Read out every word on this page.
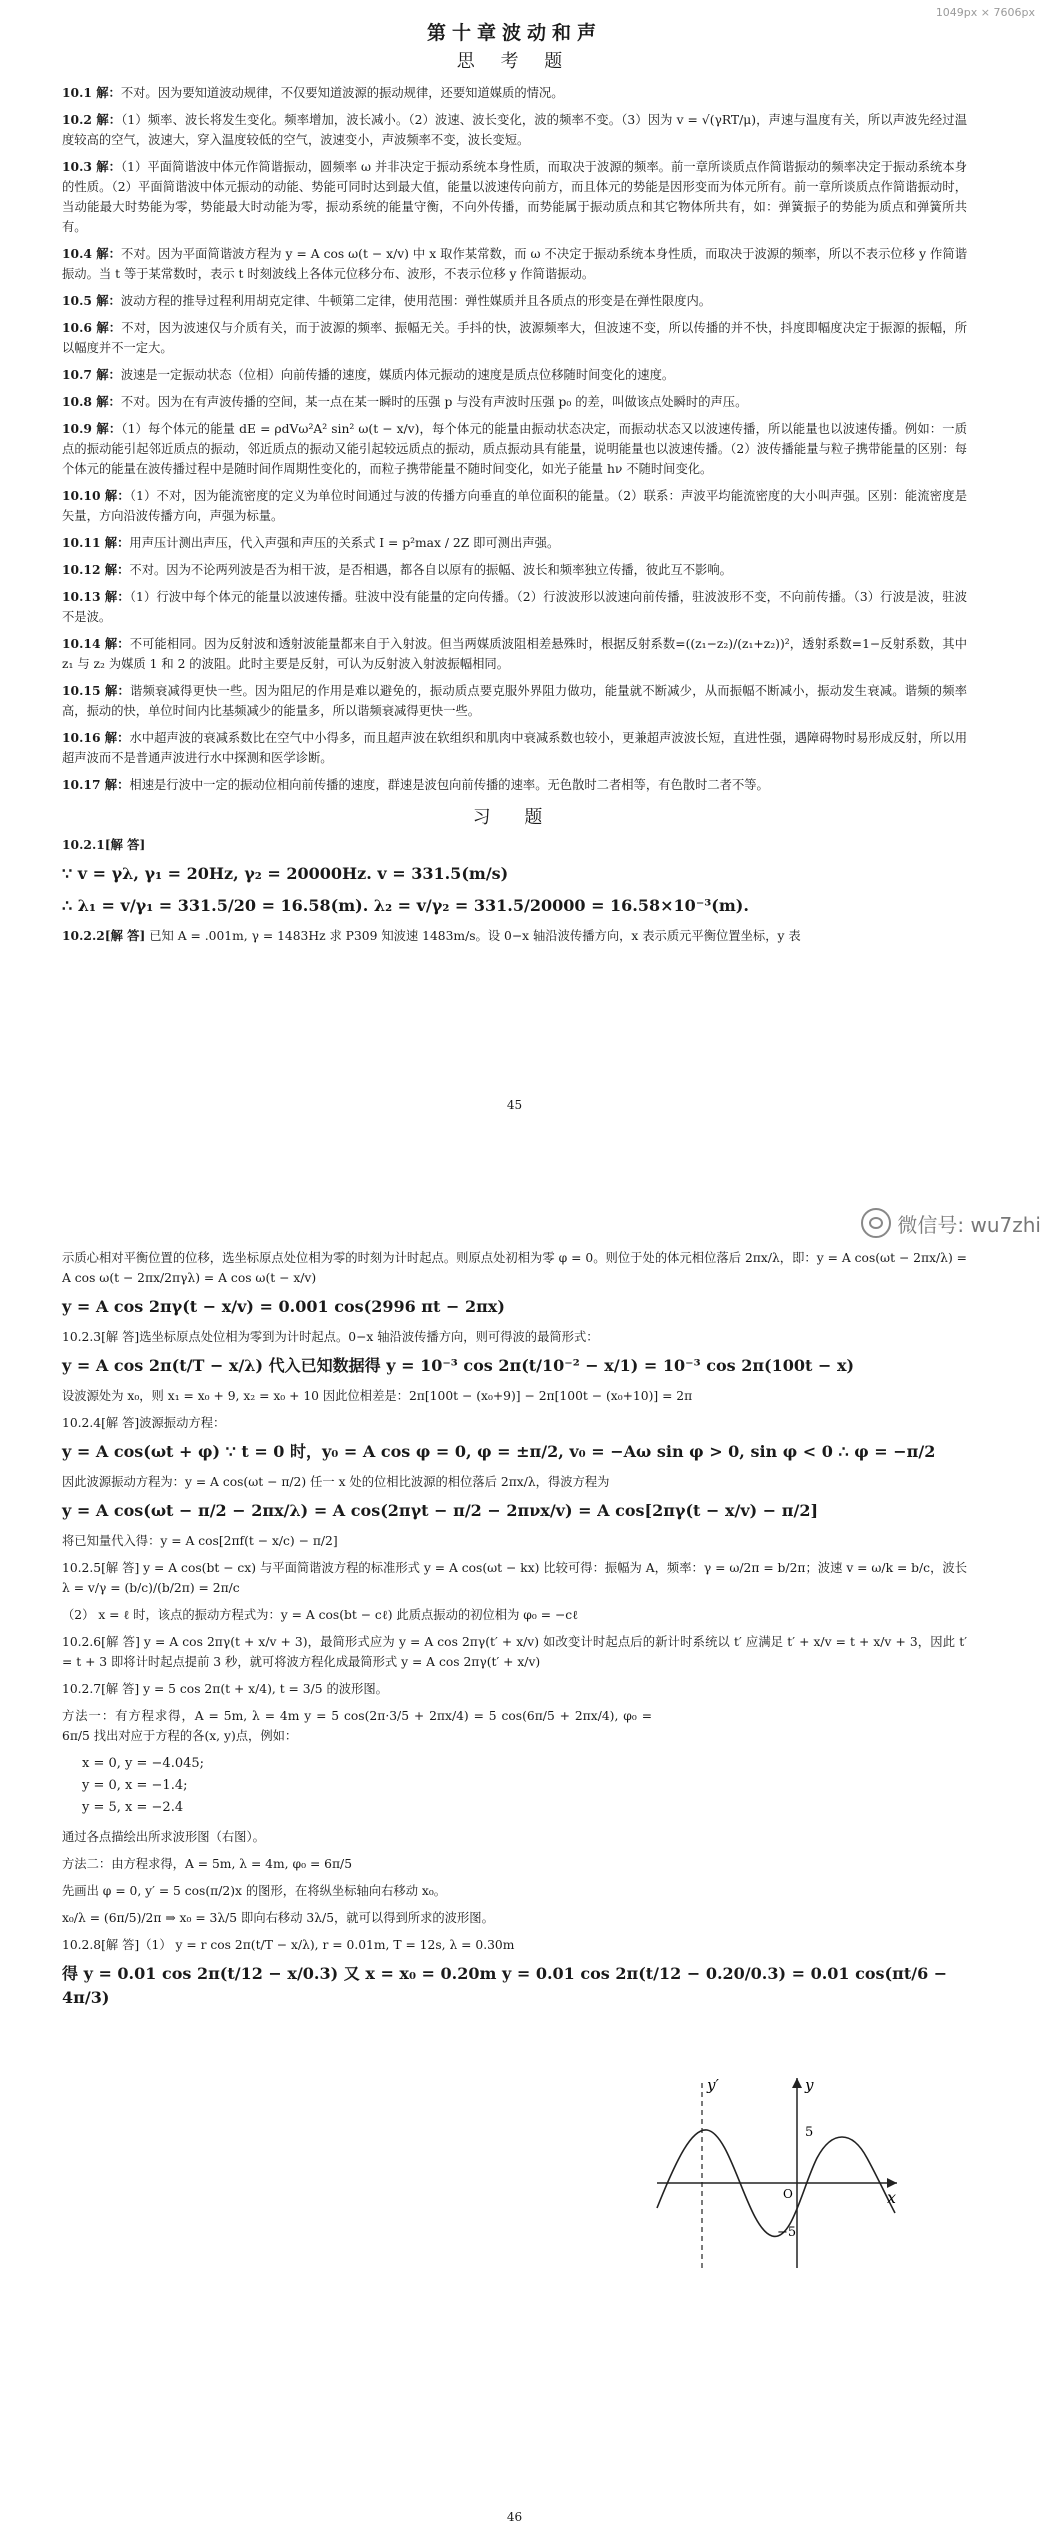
1049px × 7606px
第十章波动和声
思 考 题
10.1 解：不对。因为要知道波动规律，不仅要知道波源的振动规律，还要知道媒质的情况。
10.2 解：（1）频率、波长将发生变化。频率增加，波长减小。（2）波速、波长变化，波的频率不变。（3）因为 v = √(γRT/μ)，声速与温度有关，所以声波先经过温度较高的空气，波速大，穿入温度较低的空气，波速变小，声波频率不变，波长变短。
10.3 解：（1）平面简谐波中体元作简谐振动，圆频率 ω 并非决定于振动系统本身性质，而取决于波源的频率。前一章所谈质点作简谐振动的频率决定于振动系统本身的性质。（2）平面简谐波中体元振动的动能、势能可同时达到最大值，能量以波速传向前方，而且体元的势能是因形变而为体元所有。前一章所谈质点作简谐振动时，当动能最大时势能为零，势能最大时动能为零，振动系统的能量守衡，不向外传播，而势能属于振动质点和其它物体所共有，如：弹簧振子的势能为质点和弹簧所共有。
10.4 解：不对。因为平面简谐波方程为 y = A cos ω(t − x/v) 中 x 取作某常数，而 ω 不决定于振动系统本身性质，而取决于波源的频率，所以不表示位移 y 作简谐振动。当 t 等于某常数时，表示 t 时刻波线上各体元位移分布、波形，不表示位移 y 作简谐振动。
10.5 解：波动方程的推导过程利用胡克定律、牛顿第二定律，使用范围：弹性媒质并且各质点的形变是在弹性限度内。
10.6 解：不对，因为波速仅与介质有关，而于波源的频率、振幅无关。手抖的快，波源频率大，但波速不变，所以传播的并不快，抖度即幅度决定于振源的振幅，所以幅度并不一定大。
10.7 解：波速是一定振动状态（位相）向前传播的速度，媒质内体元振动的速度是质点位移随时间变化的速度。
10.8 解：不对。因为在有声波传播的空间，某一点在某一瞬时的压强 p 与没有声波时压强 p₀ 的差，叫做该点处瞬时的声压。
10.9 解：（1）每个体元的能量 dE = ρdVω²A² sin² ω(t − x/v)，每个体元的能量由振动状态决定，而振动状态又以波速传播，所以能量也以波速传播。例如：一质点的振动能引起邻近质点的振动，邻近质点的振动又能引起较远质点的振动，质点振动具有能量，说明能量也以波速传播。（2）波传播能量与粒子携带能量的区别：每个体元的能量在波传播过程中是随时间作周期性变化的，而粒子携带能量不随时间变化，如光子能量 hν 不随时间变化。
10.10 解：（1）不对，因为能流密度的定义为单位时间通过与波的传播方向垂直的单位面积的能量。（2）联系：声波平均能流密度的大小叫声强。区别：能流密度是矢量，方向沿波传播方向，声强为标量。
10.11 解：用声压计测出声压，代入声强和声压的关系式 I = p²max / 2Z 即可测出声强。
10.12 解：不对。因为不论两列波是否为相干波，是否相遇，都各自以原有的振幅、波长和频率独立传播，彼此互不影响。
10.13 解：（1）行波中每个体元的能量以波速传播。驻波中没有能量的定向传播。（2）行波波形以波速向前传播，驻波波形不变，不向前传播。（3）行波是波，驻波不是波。
10.14 解：不可能相同。因为反射波和透射波能量都来自于入射波。但当两媒质波阻相差悬殊时，根据反射系数=((z₁−z₂)/(z₁+z₂))²，透射系数=1−反射系数，其中 z₁ 与 z₂ 为媒质 1 和 2 的波阻。此时主要是反射，可认为反射波入射波振幅相同。
10.15 解：谐频衰减得更快一些。因为阻尼的作用是难以避免的，振动质点要克服外界阻力做功，能量就不断减少，从而振幅不断减小，振动发生衰减。谐频的频率高，振动的快，单位时间内比基频减少的能量多，所以谐频衰减得更快一些。
10.16 解：水中超声波的衰减系数比在空气中小得多，而且超声波在软组织和肌肉中衰减系数也较小，更兼超声波波长短，直进性强，遇障碍物时易形成反射，所以用超声波而不是普通声波进行水中探测和医学诊断。
10.17 解：相速是行波中一定的振动位相向前传播的速度，群速是波包向前传播的速率。无色散时二者相等，有色散时二者不等。
习 题
10.2.1[解 答]
∵ v = γλ, γ₁ = 20Hz, γ₂ = 20000Hz. v = 331.5(m/s)
∴ λ₁ = v/γ₁ = 331.5/20 = 16.58(m). λ₂ = v/γ₂ = 331.5/20000 = 16.58×10⁻³(m).
10.2.2[解 答] 已知 A = .001m, γ = 1483Hz 求 P309 知波速 1483m/s。设 0−x 轴沿波传播方向，x 表示质元平衡位置坐标，y 表
45
示质心相对平衡位置的位移，选坐标原点处位相为零的时刻为计时起点。则原点处初相为零 φ = 0。则位于处的体元相位落后 2πx/λ，即：y = A cos(ωt − 2πx/λ) = A cos ω(t − 2πx/2πγλ) = A cos ω(t − x/v)
y = A cos 2πγ(t − x/v) = 0.001 cos(2996 πt − 2πx)
10.2.3[解 答]选坐标原点处位相为零到为计时起点。0−x 轴沿波传播方向，则可得波的最简形式：
y = A cos 2π(t/T − x/λ) 代入已知数据得 y = 10⁻³ cos 2π(t/10⁻² − x/1) = 10⁻³ cos 2π(100t − x)
设波源处为 x₀，则 x₁ = x₀ + 9, x₂ = x₀ + 10 因此位相差是：2π[100t − (x₀+9)] − 2π[100t − (x₀+10)] = 2π
10.2.4[解 答]波源振动方程：
y = A cos(ωt + φ) ∵ t = 0 时，y₀ = A cos φ = 0, φ = ±π/2, v₀ = −Aω sin φ > 0, sin φ < 0 ∴ φ = −π/2
因此波源振动方程为：y = A cos(ωt − π/2) 任一 x 处的位相比波源的相位落后 2πx/λ，得波方程为
y = A cos(ωt − π/2 − 2πx/λ) = A cos(2πγt − π/2 − 2πνx/v) = A cos[2πγ(t − x/v) − π/2]
将已知量代入得：y = A cos[2πf(t − x/c) − π/2]
10.2.5[解 答] y = A cos(bt − cx) 与平面简谐波方程的标准形式 y = A cos(ωt − kx) 比较可得：振幅为 A，频率：γ = ω/2π = b/2π；波速 v = ω/k = b/c，波长 λ = v/γ = (b/c)/(b/2π) = 2π/c
（2） x = ℓ 时，该点的振动方程式为：y = A cos(bt − cℓ) 此质点振动的初位相为 φ₀ = −cℓ
10.2.6[解 答] y = A cos 2πγ(t + x/v + 3)，最简形式应为 y = A cos 2πγ(t′ + x/v) 如改变计时起点后的新计时系统以 t′ 应满足 t′ + x/v = t + x/v + 3，因此 t′ = t + 3 即将计时起点提前 3 秒，就可将波方程化成最简形式 y = A cos 2πγ(t′ + x/v)
10.2.7[解 答] y = 5 cos 2π(t + x/4), t = 3/5 的波形图。
方法一：有方程求得，A = 5m, λ = 4m y = 5 cos(2π·3/5 + 2πx/4) = 5 cos(6π/5 + 2πx/4), φ₀ = 6π/5 找出对应于方程的各(x, y)点，例如：
x = 0, y = −4.045;
y = 0, x = −1.4;
y = 5, x = −2.4
通过各点描绘出所求波形图（右图）。
方法二：由方程求得，A = 5m, λ = 4m, φ₀ = 6π/5
先画出 φ = 0, y′ = 5 cos(π/2)x 的图形，在将纵坐标轴向右移动 x₀。
x₀/λ = (6π/5)/2π ⇒ x₀ = 3λ/5 即向右移动 3λ/5，就可以得到所求的波形图。
10.2.8[解 答]（1） y = r cos 2π(t/T − x/λ), r = 0.01m, T = 12s, λ = 0.30m
得 y = 0.01 cos 2π(t/12 − x/0.3) 又 x = x₀ = 0.20m y = 0.01 cos 2π(t/12 − 0.20/0.3) = 0.01 cos(πt/6 − 4π/3)
y′	y
x
O
5
−5
46
微信号: wu7zhi
